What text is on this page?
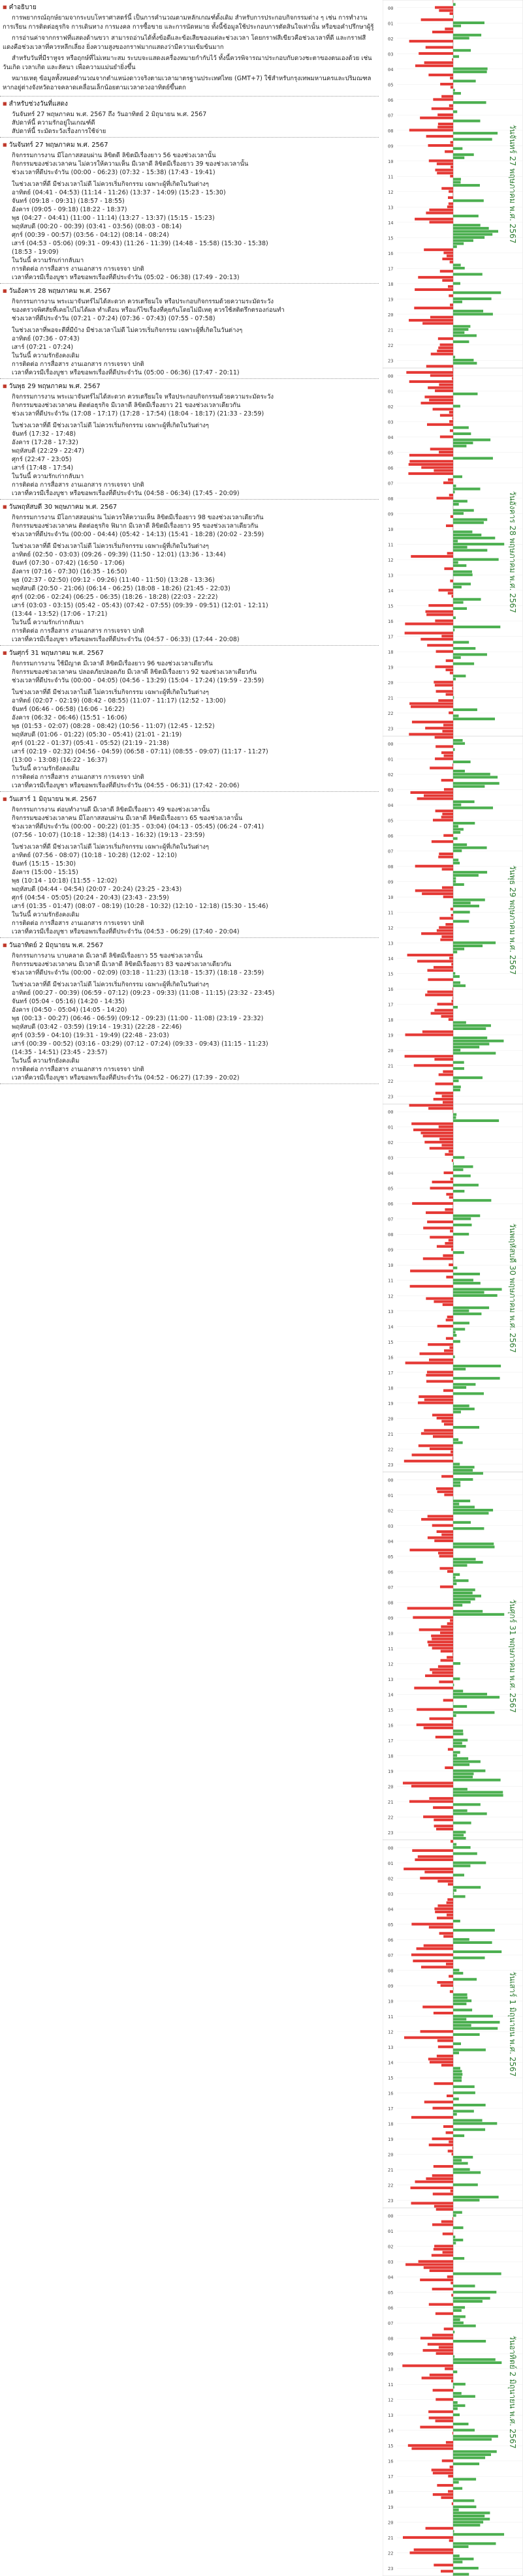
■ คำอธิบาย
การพยากรณ์ฤกษ์ยามจากระบบโหราศาสตร์นี้ เป็นการคำนวณตามหลักเกณฑ์ดั้งเดิม สำหรับการประกอบกิจกรรมต่าง ๆ เช่น การทำงาน การเรียน การติดต่อธุรกิจ การเดินทาง การมงคล การซื้อขาย และการนัดหมาย ทั้งนี้ข้อมูลใช้ประกอบการตัดสินใจเท่านั้น หรือขอคำปรึกษาผู้รู้
การอ่านค่าจากกราฟที่แสดงด้านขวา สามารถอ่านได้ทั้งข้อดีและข้อเสียของแต่ละช่วงเวลา โดยกราฟสีเขียวคือช่วงเวลาที่ดี และกราฟสีแดงคือช่วงเวลาที่ควรหลีกเลี่ยง ยิ่งความสูงของกราฟมากแสดงว่ามีความเข้มข้นมาก
สำหรับวันที่มีราหูจร หรือฤกษ์ที่ไม่เหมาะสม ระบบจะแสดงเครื่องหมายกำกับไว้ ทั้งนี้ควรพิจารณาประกอบกับดวงชะตาของตนเองด้วย เช่น วันเกิด เวลาเกิด และลัคนา เพื่อความแม่นยำยิ่งขึ้น
หมายเหตุ ข้อมูลทั้งหมดคำนวณจากตำแหน่งดาวจริงตามเวลามาตรฐานประเทศไทย (GMT+7) ใช้สำหรับกรุงเทพมหานครและปริมณฑล หากอยู่ต่างจังหวัดอาจคลาดเคลื่อนเล็กน้อยตามเวลาดวงอาทิตย์ขึ้นตก
■ สำหรับช่วงวันที่แสดง
วันจันทร์ 27 พฤษภาคม พ.ศ. 2567 ถึง วันอาทิตย์ 2 มิถุนายน พ.ศ. 2567
สัปดาห์นี้ ความรักอยู่ในเกณฑ์ดี
สัปดาห์นี้ ระมัดระวังเรื่องการใช้จ่าย
■ วันจันทร์ 27 พฤษภาคม พ.ศ. 2567
กิจกรรมการงาน มีโอกาสสอบผ่าน ลิขิตดี ลิขิตมีเรื่องยาว 56 ของช่วงเวลานั้น
กิจกรรมของช่วงเวลาคน ไม่ควรให้ความเห็น มีเวลาดี ลิขิตมีเรื่องยาว 39 ของช่วงเวลานั้น
ช่วงเวลาที่ดีประจำวัน (00:00 - 06:23) (07:32 - 15:38) (17:43 - 19:41)
ในช่วงเวลาที่ดี มีช่วงเวลาไม่ดี ไม่ควรเริ่มกิจกรรม เฉพาะผู้ที่เกิดในวันต่างๆ
อาทิตย์ (04:41 - 04:53) (11:14 - 11:26) (13:37 - 14:09) (15:23 - 15:30)
จันทร์ (09:18 - 09:31) (18:57 - 18:55)
อังคาร (09:05 - 09:18) (18:22 - 18:37)
พุธ (04:27 - 04:41) (11:00 - 11:14) (13:27 - 13:37) (15:15 - 15:23)
พฤหัสบดี (00:20 - 00:39) (03:41 - 03:56) (08:03 - 08:14)
ศุกร์ (00:39 - 00:57) (03:56 - 04:12) (08:14 - 08:24)
เสาร์ (04:53 - 05:06) (09:31 - 09:43) (11:26 - 11:39) (14:48 - 15:58) (15:30 - 15:38)
(18:53 - 19:09)
ในวันนี้ ความรักเก่ากลับมา
การติดต่อ การสื่อสาร งานเอกสาร การเจรจา ปกติ
เวลาที่ควรมีเรื่องบูชา หรือขอพรเรื่องที่ดีประจำวัน (05:02 - 06:38) (17:49 - 20:13)
■ วันอังคาร 28 พฤษภาคม พ.ศ. 2567
กิจกรรมการงาน พระเมาจันทร์ไม่ได้สะดวก ควรเตรียมใจ หรือประกอบกิจกรรมด้วยความระมัดระวัง
ของตรวจพิศสัยที่เคยไปไม่ได้ผล ทำเดือน หรือแก้ไขเรื่องที่คุยกันโดยไม่มีเหตุ ควรใช้สติตรึกตรองก่อนทำ
ช่วงเวลาที่ดีประจำวัน (07:21 - 07:24) (07:36 - 07:43) (07:55 - 07:58)
ในช่วงเวลาที่พอจะดีที่มีบ้าง มีช่วงเวลาไม่ดี ไม่ควรเริ่มกิจกรรม เฉพาะผู้ที่เกิดในวันต่างๆ
อาทิตย์ (07:36 - 07:43)
เสาร์ (07:21 - 07:24)
ในวันนี้ ความรักยังคงเดิม
การติดต่อ การสื่อสาร งานเอกสาร การเจรจา ปกติ
เวลาที่ควรมีเรื่องบูชา หรือขอพรเรื่องที่ดีประจำวัน (05:00 - 06:36) (17:47 - 20:11)
■ วันพุธ 29 พฤษภาคม พ.ศ. 2567
กิจกรรมการงาน พระเมาจันทร์ไม่ได้สะดวก ควรเตรียมใจ หรือประกอบกิจกรรมด้วยความระมัดระวัง
กิจกรรมของช่วงเวลาคน ติดต่อธุรกิจ มีเวลาดี ลิขิตมีเรื่องยาว 21 ของช่วงเวลาเดียวกัน
ช่วงเวลาที่ดีประจำวัน (17:08 - 17:17) (17:28 - 17:54) (18:04 - 18:17) (21:33 - 23:59)
ในช่วงเวลาที่ดี มีช่วงเวลาไม่ดี ไม่ควรเริ่มกิจกรรม เฉพาะผู้ที่เกิดในวันต่างๆ
จันทร์ (17:32 - 17:48)
อังคาร (17:28 - 17:32)
พฤหัสบดี (22:29 - 22:47)
ศุกร์ (22:47 - 23:05)
เสาร์ (17:48 - 17:54)
ในวันนี้ ความรักเก่ากลับมา
การติดต่อ การสื่อสาร งานเอกสาร การเจรจา ปกติ
เวลาที่ควรมีเรื่องบูชา หรือขอพรเรื่องที่ดีประจำวัน (04:58 - 06:34) (17:45 - 20:09)
■ วันพฤหัสบดี 30 พฤษภาคม พ.ศ. 2567
กิจกรรมการงาน มีโอกาสสอบผ่าน ไม่ควรให้ความเห็น ลิขิตมีเรื่องยาว 98 ของช่วงเวลาเดียวกัน
กิจกรรมของช่วงเวลาคน ติดต่อธุรกิจ ฟิมาก มีเวลาดี ลิขิตมีเรื่องยาว 95 ของช่วงเวลาเดียวกัน
ช่วงเวลาที่ดีประจำวัน (00:00 - 04:44) (05:42 - 14:13) (15:41 - 18:28) (20:02 - 23:59)
ในช่วงเวลาที่ดี มีช่วงเวลาไม่ดี ไม่ควรเริ่มกิจกรรม เฉพาะผู้ที่เกิดในวันต่างๆ
อาทิตย์ (02:50 - 03:03) (09:26 - 09:39) (11:50 - 12:01) (13:36 - 13:44)
จันทร์ (07:30 - 07:42) (16:50 - 17:06)
อังคาร (07:16 - 07:30) (16:35 - 16:50)
พุธ (02:37 - 02:50) (09:12 - 09:26) (11:40 - 11:50) (13:28 - 13:36)
พฤหัสบดี (20:50 - 21:06) (06:14 - 06:25) (18:08 - 18:26) (21:45 - 22:03)
ศุกร์ (02:06 - 02:24) (06:25 - 06:35) (18:26 - 18:28) (22:03 - 22:22)
เสาร์ (03:03 - 03:15) (05:42 - 05:43) (07:42 - 07:55) (09:39 - 09:51) (12:01 - 12:11)
(13:44 - 13:52) (17:06 - 17:21)
ในวันนี้ ความรักเก่ากลับมา
การติดต่อ การสื่อสาร งานเอกสาร การเจรจา ปกติ
เวลาที่ควรมีเรื่องบูชา หรือขอพรเรื่องที่ดีประจำวัน (04:57 - 06:33) (17:44 - 20:08)
■ วันศุกร์ 31 พฤษภาคม พ.ศ. 2567
กิจกรรมการงาน ใช้มีญาต มีเวลาดี ลิขิตมีเรื่องยาว 96 ของช่วงเวลาเดียวกัน
กิจกรรมของช่วงเวลาคน ปลอดภัยปลอดภัย มีเวลาดี ลิขิตมีเรื่องยาว 92 ของช่วงเวลาเดียวกัน
ช่วงเวลาที่ดีประจำวัน (00:00 - 04:05) (04:56 - 13:29) (15:04 - 17:24) (19:59 - 23:59)
ในช่วงเวลาที่ดี มีช่วงเวลาไม่ดี ไม่ควรเริ่มกิจกรรม เฉพาะผู้ที่เกิดในวันต่างๆ
อาทิตย์ (02:07 - 02:19) (08:42 - 08:55) (11:07 - 11:17) (12:52 - 13:00)
จันทร์ (06:46 - 06:58) (16:06 - 16:22)
อังคาร (06:32 - 06:46) (15:51 - 16:06)
พุธ (01:53 - 02:07) (08:28 - 08:42) (10:56 - 11:07) (12:45 - 12:52)
พฤหัสบดี (01:06 - 01:22) (05:30 - 05:41) (21:01 - 21:19)
ศุกร์ (01:22 - 01:37) (05:41 - 05:52) (21:19 - 21:38)
เสาร์ (02:19 - 02:32) (04:56 - 04:59) (06:58 - 07:11) (08:55 - 09:07) (11:17 - 11:27)
(13:00 - 13:08) (16:22 - 16:37)
ในวันนี้ ความรักยังคงเดิม
การติดต่อ การสื่อสาร งานเอกสาร การเจรจา ปกติ
เวลาที่ควรมีเรื่องบูชา หรือขอพรเรื่องที่ดีประจำวัน (04:55 - 06:31) (17:42 - 20:06)
■ วันเสาร์ 1 มิถุนายน พ.ศ. 2567
กิจกรรมการงาน ต่อบทำงานดี มีเวลาดี ลิขิตมีเรื่องยาว 49 ของช่วงเวลานั้น
กิจกรรมของช่วงเวลาคน มีโอกาสสอบผ่าน มีเวลาดี ลิขิตมีเรื่องยาว 65 ของช่วงเวลานั้น
ช่วงเวลาที่ดีประจำวัน (00:00 - 00:22) (01:35 - 03:04) (04:13 - 05:45) (06:24 - 07:41)
(07:56 - 10:07) (10:18 - 12:38) (14:13 - 16:32) (19:13 - 23:59)
ในช่วงเวลาที่ดี มีช่วงเวลาไม่ดี ไม่ควรเริ่มกิจกรรม เฉพาะผู้ที่เกิดในวันต่างๆ
อาทิตย์ (07:56 - 08:07) (10:18 - 10:28) (12:02 - 12:10)
จันทร์ (15:15 - 15:30)
อังคาร (15:00 - 15:15)
พุธ (10:14 - 10:18) (11:55 - 12:02)
พฤหัสบดี (04:44 - 04:54) (20:07 - 20:24) (23:25 - 23:43)
ศุกร์ (04:54 - 05:05) (20:24 - 20:43) (23:43 - 23:59)
เสาร์ (01:35 - 01:47) (08:07 - 08:19) (10:28 - 10:32) (12:10 - 12:18) (15:30 - 15:46)
ในวันนี้ ความรักยังคงเดิม
การติดต่อ การสื่อสาร งานเอกสาร การเจรจา ปกติ
เวลาที่ควรมีเรื่องบูชา หรือขอพรเรื่องที่ดีประจำวัน (04:53 - 06:29) (17:40 - 20:04)
■ วันอาทิตย์ 2 มิถุนายน พ.ศ. 2567
กิจกรรมการงาน บาบคลาด มีเวลาดี ลิขิตมีเรื่องยาว 55 ของช่วงเวลานั้น
กิจกรรมของช่วงเวลาคน มีเวลาดี มีเวลาดี ลิขิตมีเรื่องยาว 83 ของช่วงเวลาเดียวกัน
ช่วงเวลาที่ดีประจำวัน (00:00 - 02:09) (03:18 - 11:23) (13:18 - 15:37) (18:18 - 23:59)
ในช่วงเวลาที่ดี มีช่วงเวลาไม่ดี ไม่ควรเริ่มกิจกรรม เฉพาะผู้ที่เกิดในวันต่างๆ
อาทิตย์ (00:27 - 00:39) (06:59 - 07:12) (09:23 - 09:33) (11:08 - 11:15) (23:32 - 23:45)
จันทร์ (05:04 - 05:16) (14:20 - 14:35)
อังคาร (04:50 - 05:04) (14:05 - 14:20)
พุธ (00:13 - 00:27) (06:46 - 06:59) (09:12 - 09:23) (11:00 - 11:08) (23:19 - 23:32)
พฤหัสบดี (03:42 - 03:59) (19:14 - 19:31) (22:28 - 22:46)
ศุกร์ (03:59 - 04:10) (19:31 - 19:49) (22:48 - 23:03)
เสาร์ (00:39 - 00:52) (03:16 - 03:29) (07:12 - 07:24) (09:33 - 09:43) (11:15 - 11:23)
(14:35 - 14:51) (23:45 - 23:57)
ในวันนี้ ความรักยังคงเดิม
การติดต่อ การสื่อสาร งานเอกสาร การเจรจา ปกติ
เวลาที่ควรมีเรื่องบูชา หรือขอพรเรื่องที่ดีประจำวัน (04:52 - 06:27) (17:39 - 20:02)
00
01
02
03
04
05
06
07
08
09
10
11
12
13
14
15
16
17
18
19
20
21
22
23
วันจันทร์ 27 พฤษภาคม พ.ศ. 2567
00
01
02
03
04
05
06
07
08
09
10
11
12
13
14
15
16
17
18
19
20
21
22
23
วันอังคาร 28 พฤษภาคม พ.ศ. 2567
00
01
02
03
04
05
06
07
08
09
10
11
12
13
14
15
16
17
18
19
20
21
22
23
วันพุธ 29 พฤษภาคม พ.ศ. 2567
00
01
02
03
04
05
06
07
08
09
10
11
12
13
14
15
16
17
18
19
20
21
22
23
วันพฤหัสบดี 30 พฤษภาคม พ.ศ. 2567
00
01
02
03
04
05
06
07
08
09
10
11
12
13
14
15
16
17
18
19
20
21
22
23
วันศุกร์ 31 พฤษภาคม พ.ศ. 2567
00
01
02
03
04
05
06
07
08
09
10
11
12
13
14
15
16
17
18
19
20
21
22
23
วันเสาร์ 1 มิถุนายน พ.ศ. 2567
00
01
02
03
04
05
06
07
08
09
10
11
12
13
14
15
16
17
18
19
20
21
22
23
วันอาทิตย์ 2 มิถุนายน พ.ศ. 2567
